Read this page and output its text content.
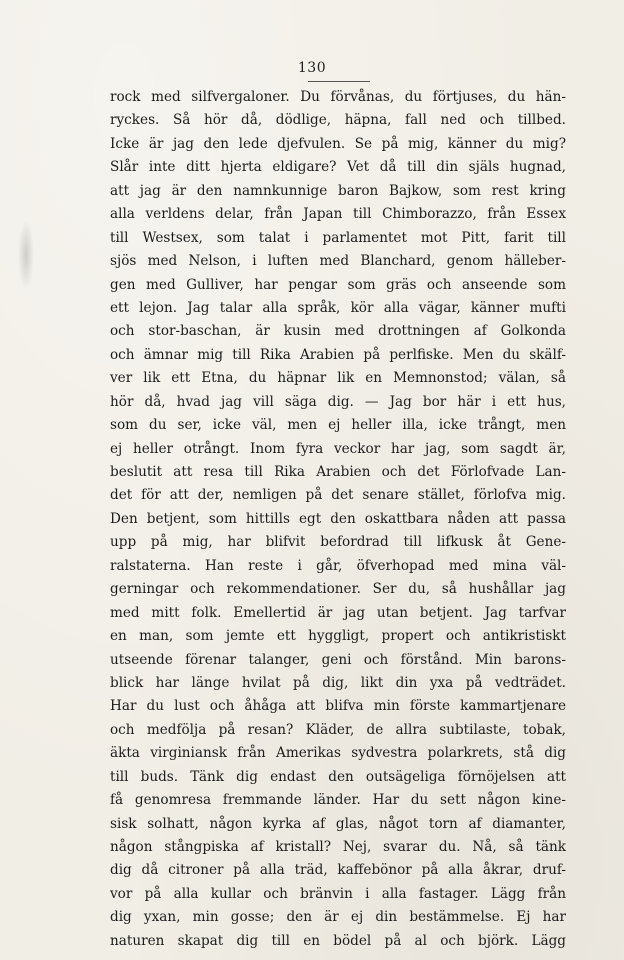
130
rock med silfvergaloner. Du förvånas, du förtjuses, du hän-
ryckes. Så hör då, dödlige, häpna, fall ned och tillbed.
Icke är jag den lede djefvulen. Se på mig, känner du mig?
Slår inte ditt hjerta eldigare? Vet då till din själs hugnad,
att jag är den namnkunnige baron Bajkow, som rest kring
alla verldens delar, från Japan till Chimborazzo, från Essex
till Westsex, som talat i parlamentet mot Pitt, farit till
sjös med Nelson, i luften med Blanchard, genom hälleber-
gen med Gulliver, har pengar som gräs och anseende som
ett lejon. Jag talar alla språk, kör alla vägar, känner mufti
och stor-baschan, är kusin med drottningen af Golkonda
och ämnar mig till Rika Arabien på perlfiske. Men du skälf-
ver lik ett Etna, du häpnar lik en Memnonstod; välan, så
hör då, hvad jag vill säga dig. — Jag bor här i ett hus,
som du ser, icke väl, men ej heller illa, icke trångt, men
ej heller otrångt. Inom fyra veckor har jag, som sagdt är,
beslutit att resa till Rika Arabien och det Förlofvade Lan-
det för att der, nemligen på det senare stället, förlofva mig.
Den betjent, som hittills egt den oskattbara nåden att passa
upp på mig, har blifvit befordrad till lifkusk åt Gene-
ralstaterna. Han reste i går, öfverhopad med mina väl-
gerningar och rekommendationer. Ser du, så hushållar jag
med mitt folk. Emellertid är jag utan betjent. Jag tarfvar
en man, som jemte ett hyggligt, propert och antikristiskt
utseende förenar talanger, geni och förstånd. Min barons-
blick har länge hvilat på dig, likt din yxa på vedträdet.
Har du lust och åhåga att blifva min förste kammartjenare
och medfölja på resan? Kläder, de allra subtilaste, tobak,
äkta virginiansk från Amerikas sydvestra polarkrets, stå dig
till buds. Tänk dig endast den outsägeliga förnöjelsen att
få genomresa fremmande länder. Har du sett någon kine-
sisk solhatt, någon kyrka af glas, något torn af diamanter,
någon stångpiska af kristall? Nej, svarar du. Nå, så tänk
dig då citroner på alla träd, kaffebönor på alla åkrar, druf-
vor på alla kullar och bränvin i alla fastager. Lägg från
dig yxan, min gosse; den är ej din bestämmelse. Ej har
naturen skapat dig till en bödel på al och björk. Lägg
